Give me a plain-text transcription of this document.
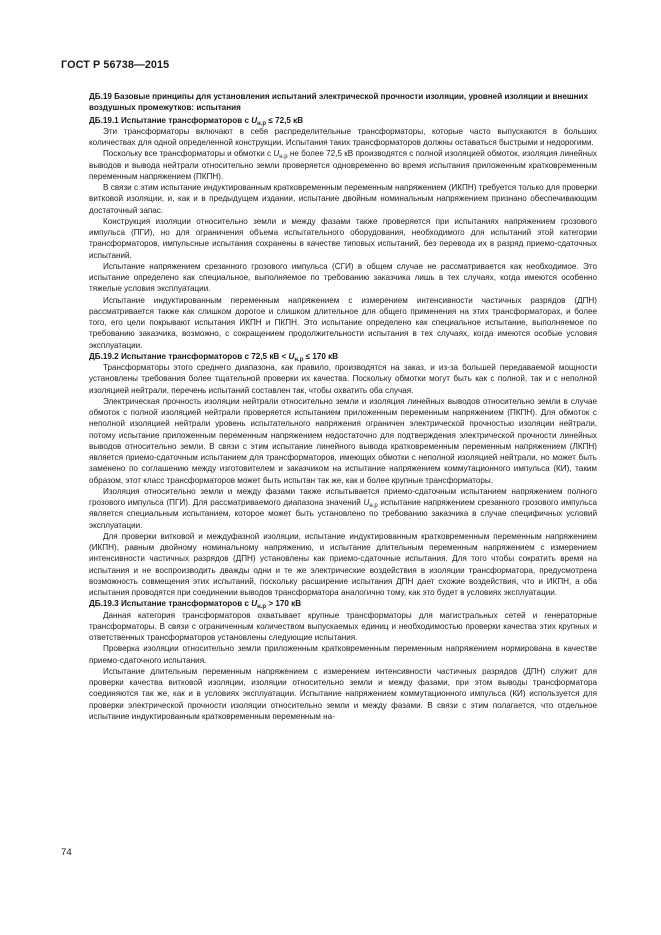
ГОСТ Р 56738—2015
ДБ.19 Базовые принципы для установления испытаний электрической прочности изоляции, уровней изоляции и внешних воздушных промежутков: испытания
ДБ.19.1 Испытание трансформаторов с $U_{н.р} \le 72,5$ кВ
Эти трансформаторы включают в себя распределительные трансформаторы, которые часто выпускаются в больших количествах для одной определенной конструкции. Испытания таких трансформаторов должны оставаться быстрыми и недорогими.
Поскольку все трансформаторы и обмотки с $U_{н.р}$ не более 72,5 кВ производятся с полной изоляцией обмоток, изоляция линейных выводов и вывода нейтрали относительно земли проверяется одновременно во время испытания приложенным кратковременным переменным напряжением (ПКПН).
В связи с этим испытание индуктированным кратковременным переменным напряжением (ИКПН) требуется только для проверки витковой изоляции, и, как и в предыдущем издании, испытание двойным номинальным напряжением признано обеспечивающим достаточный запас.
Конструкция изоляции относительно земли и между фазами также проверяется при испытаниях напряжением грозового импульса (ПГИ), но для ограничения объема испытательного оборудования, необходимого для испытаний этой категории трансформаторов, импульсные испытания сохранены в качестве типовых испытаний, без перевода их в разряд приемо-сдаточных испытаний.
Испытание напряжением срезанного грозового импульса (СГИ) в общем случае не рассматривается как необходимое. Это испытание определено как специальное, выполняемое по требованию заказчика лишь в тех случаях, когда имеются особенно тяжелые условия эксплуатации.
Испытание индуктированным переменным напряжением с измерением интенсивности частичных разрядов (ДПН) рассматривается также как слишком дорогое и слишком длительное для общего применения на этих трансформаторах, и более того, его цели покрывают испытания ИКПН и ПКПН. Это испытание определено как специальное испытание, выполняемое по требованию заказчика, возможно, с сокращением продолжительности испытания в тех случаях, когда имеются особые условия эксплуатации.
ДБ.19.2 Испытание трансформаторов с 72,5 кВ < $U_{н.р} \le 170$ кВ
Трансформаторы этого среднего диапазона, как правило, производятся на заказ, и из-за большей передаваемой мощности установлены требования более тщательной проверки их качества. Поскольку обмотки могут быть как с полной, так и с неполной изоляцией нейтрали, перечень испытаний составлен так, чтобы охватить оба случая.
Электрическая прочность изоляции нейтрали относительно земли и изоляция линейных выводов относительно земли в случае обмоток с полной изоляцией нейтрали проверяется испытанием приложенным переменным напряжением (ПКПН). Для обмоток с неполной изоляцией нейтрали уровень испытательного напряжения ограничен электрической прочностью изоляции нейтрали, потому испытание приложенным переменным напряжением недостаточно для подтверждения электрической прочности линейных выводов относительно земли. В связи с этим испытание линейного вывода кратковременным переменным напряжением (ЛКПН) является приемо-сдаточным испытанием для трансформаторов, имеющих обмотки с неполной изоляцией нейтрали, но может быть заменено по соглашению между изготовителем и заказчиком на испытание напряжением коммутационного импульса (КИ), таким образом, этот класс трансформаторов может быть испытан так же, как и более крупные трансформаторы.
Изоляция относительно земли и между фазами также испытывается приемо-сдаточным испытанием напряжением полного грозового импульса (ПГИ). Для рассматриваемого диапазона значений $U_{н.р}$ испытание напряжением срезанного грозового импульса является специальным испытанием, которое может быть установлено по требованию заказчика в случае специфичных условий эксплуатации.
Для проверки витковой и междуфазной изоляции, испытание индуктированным кратковременным переменным напряжением (ИКПН), равным двойному номинальному напряжению, и испытание длительным переменным напряжением с измерением интенсивности частичных разрядов (ДПН) установлены как приемо-сдаточные испытания. Для того чтобы сократить время на испытания и не воспроизводить дважды одни и те же электрические воздействия в изоляции трансформатора, предусмотрена возможность совмещения этих испытаний, поскольку расширение испытания ДПН дает схожие воздействия, что и ИКПН, а оба испытания проводятся при соединении выводов трансформатора аналогично тому, как это будет в условиях эксплуатации.
ДБ.19.3 Испытание трансформаторов с $U_{н.р} > 170$ кВ
Данная категория трансформаторов охватывает крупные трансформаторы для магистральных сетей и генераторные трансформаторы. В связи с ограниченным количеством выпускаемых единиц и необходимостью проверки качества этих крупных и ответственных трансформаторов установлены следующие испытания.
Проверка изоляции относительно земли приложенным кратковременным переменным напряжением нормирована в качестве приемо-сдаточного испытания.
Испытание длительным переменным напряжением с измерением интенсивности частичных разрядов (ДПН) служит для проверки качества витковой изоляции, изоляции относительно земли и между фазами, при этом выводы трансформатора соединяются так же, как и в условиях эксплуатации. Испытание напряжением коммутационного импульса (КИ) используется для проверки электрической прочности изоляции относительно земли и между фазами. В связи с этим полагается, что отдельное испытание индуктированным кратковременным переменным на-
74
